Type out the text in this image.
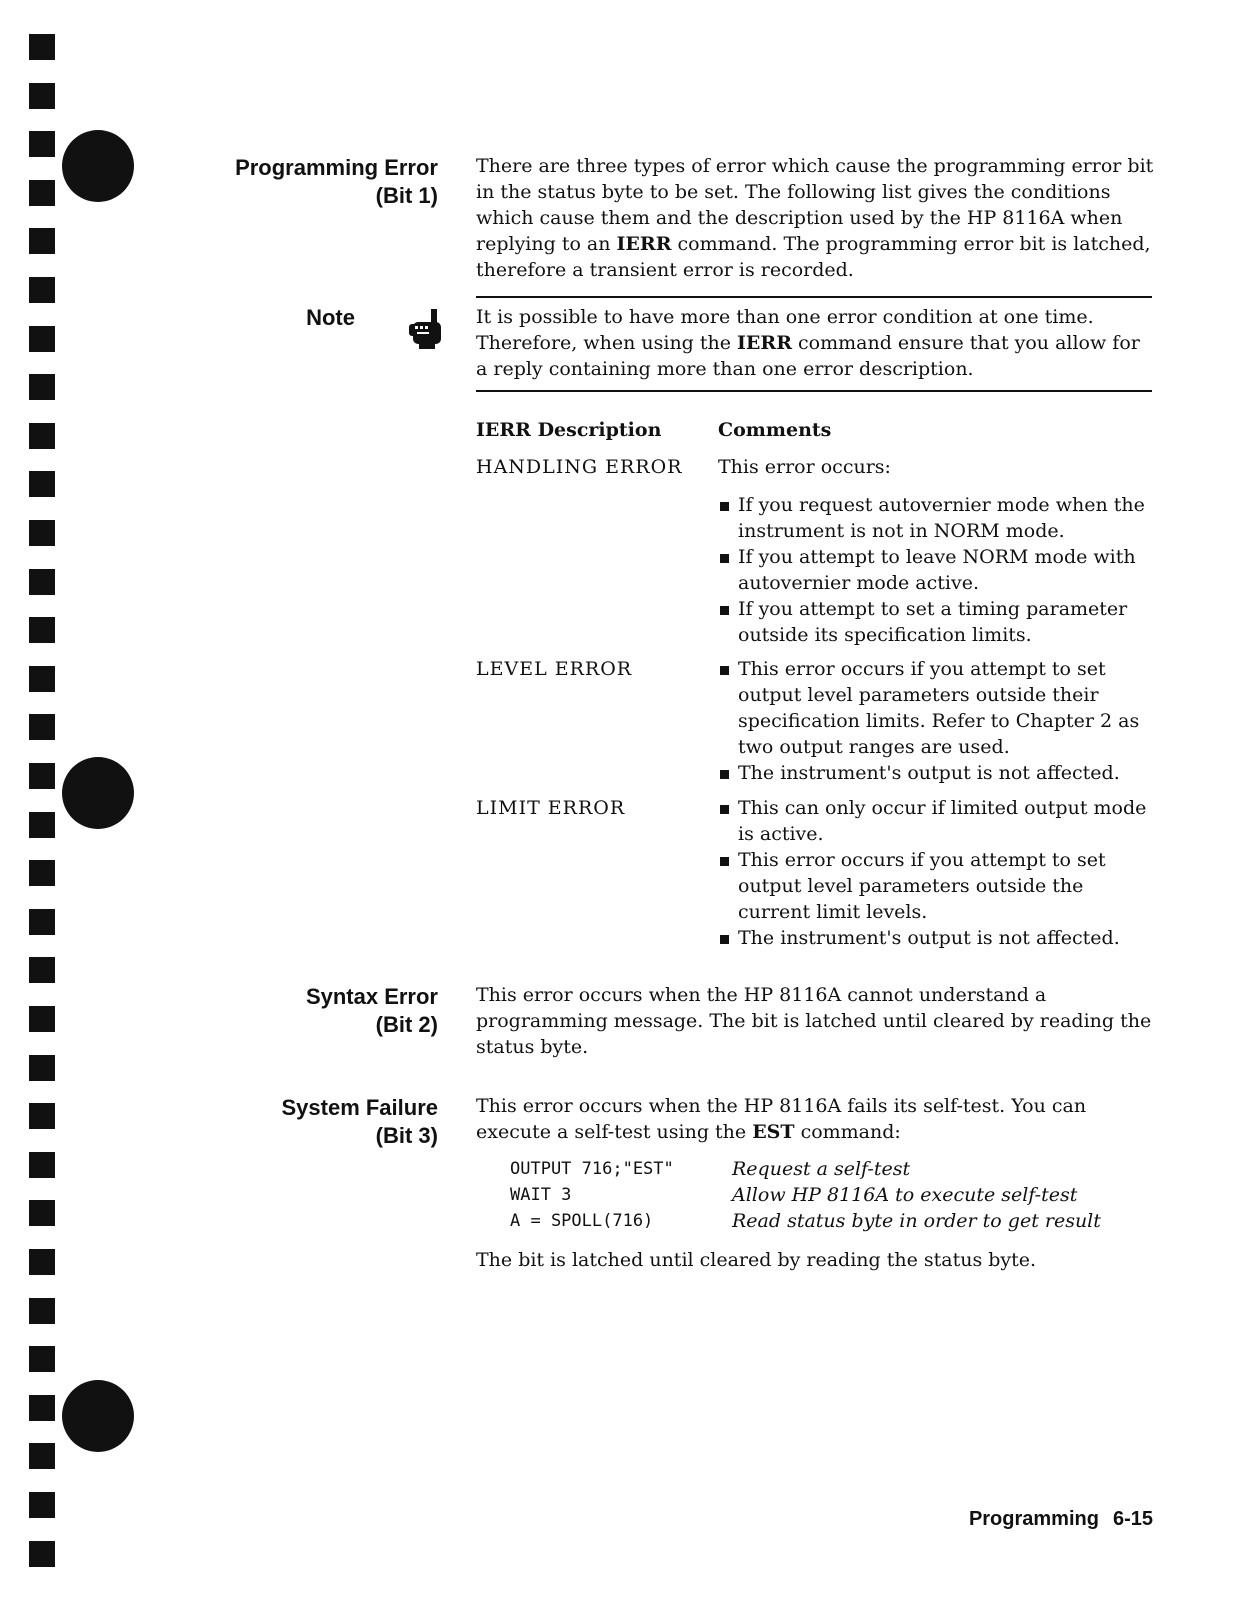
Programming Error
(Bit 1)
There are three types of error which cause the programming error bit in the status byte to be set. The following list gives the conditions which cause them and the description used by the HP 8116A when replying to an IERR command. The programming error bit is latched, therefore a transient error is recorded.
Note	It is possible to have more than one error condition at one time. Therefore, when using the IERR command ensure that you allow for a reply containing more than one error description.
IERR Description	Comments
HANDLING ERROR This error occurs:
If you request autovernier mode when the instrument is not in NORM mode.
If you attempt to leave NORM mode with autovernier mode active.
If you attempt to set a timing parameter outside its specification limits.
LEVEL ERROR	This error occurs if you attempt to set output level parameters outside their specification limits. Refer to Chapter 2 as two output ranges are used.
The instrument's output is not affected.
LIMIT ERROR	This can only occur if limited output mode is active.
This error occurs if you attempt to set output level parameters outside the current limit levels.
The instrument's output is not affected.
Syntax Error
(Bit 2)
This error occurs when the HP 8116A cannot understand a programming message. The bit is latched until cleared by reading the status byte.
System Failure
(Bit 3)
This error occurs when the HP 8116A fails its self-test. You can execute a self-test using the EST command:
OUTPUT 716;"EST"	Request a self-test
WAIT 3	Allow HP 8116A to execute self-test
A = SPOLL(716)	Read status byte in order to get result
The bit is latched until cleared by reading the status byte.
Programming 6-15
